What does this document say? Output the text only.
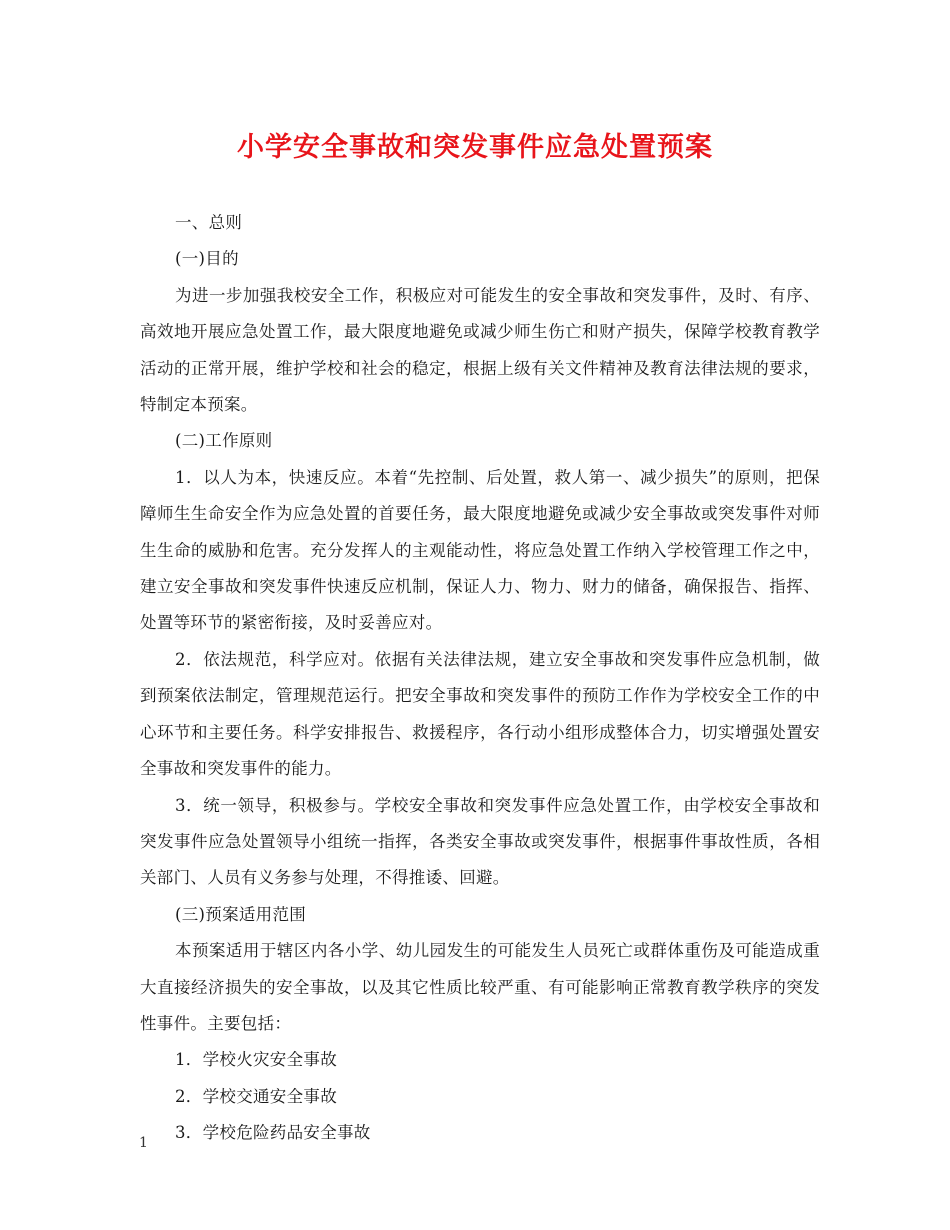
小学安全事故和突发事件应急处置预案

一、总则

(一)目的

为进一步加强我校安全工作，积极应对可能发生的安全事故和突发事件，及时、有序、高效地开展应急处置工作，最大限度地避免或减少师生伤亡和财产损失，保障学校教育教学活动的正常开展，维护学校和社会的稳定，根据上级有关文件精神及教育法律法规的要求，特制定本预案。

(二)工作原则

1．以人为本，快速反应。本着“先控制、后处置，救人第一、减少损失”的原则，把保障师生生命安全作为应急处置的首要任务，最大限度地避免或减少安全事故或突发事件对师生生命的威胁和危害。充分发挥人的主观能动性，将应急处置工作纳入学校管理工作之中，建立安全事故和突发事件快速反应机制，保证人力、物力、财力的储备，确保报告、指挥、处置等环节的紧密衔接，及时妥善应对。

2．依法规范，科学应对。依据有关法律法规，建立安全事故和突发事件应急机制，做到预案依法制定，管理规范运行。把安全事故和突发事件的预防工作作为学校安全工作的中心环节和主要任务。科学安排报告、救援程序，各行动小组形成整体合力，切实增强处置安全事故和突发事件的能力。

3．统一领导，积极参与。学校安全事故和突发事件应急处置工作，由学校安全事故和突发事件应急处置领导小组统一指挥，各类安全事故或突发事件，根据事件事故性质，各相关部门、人员有义务参与处理，不得推诿、回避。

(三)预案适用范围

本预案适用于辖区内各小学、幼儿园发生的可能发生人员死亡或群体重伤及可能造成重大直接经济损失的安全事故，以及其它性质比较严重、有可能影响正常教育教学秩序的突发性事件。主要包括：

1．学校火灾安全事故

2．学校交通安全事故

3．学校危险药品安全事故

1
